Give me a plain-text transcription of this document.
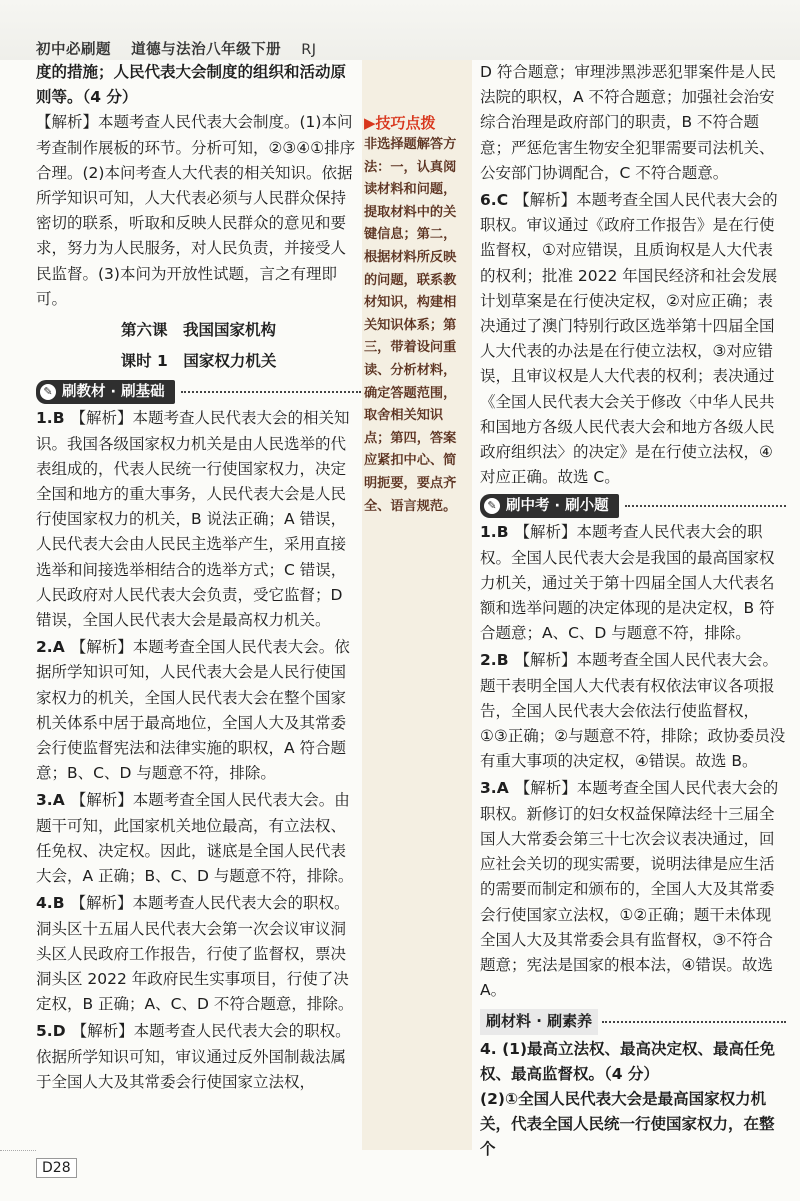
初中必刷题　 道德与法治八年级下册　 RJ

度的措施；人民代表大会制度的组织和活动原则等。（4 分）

【解析】本题考查人民代表大会制度。(1)本问考查制作展板的环节。分析可知，②③④①排序合理。(2)本问考查人大代表的相关知识。依据所学知识可知，人大代表必须与人民群众保持密切的联系，听取和反映人民群众的意见和要求，努力为人民服务，对人民负责，并接受人民监督。(3)本问为开放性试题，言之有理即可。

第六课　我国国家机构

课时 1　国家权力机关

✎ 刷教材 · 刷基础
1.B 【解析】本题考查人民代表大会的相关知识。我国各级国家权力机关是由人民选举的代表组成的，代表人民统一行使国家权力，决定全国和地方的重大事务，人民代表大会是人民行使国家权力的机关，B 说法正确；A 错误，人民代表大会由人民民主选举产生，采用直接选举和间接选举相结合的选举方式；C 错误，人民政府对人民代表大会负责，受它监督；D 错误，全国人民代表大会是最高权力机关。
2.A 【解析】本题考查全国人民代表大会。依据所学知识可知，人民代表大会是人民行使国家权力的机关，全国人民代表大会在整个国家机关体系中居于最高地位，全国人大及其常委会行使监督宪法和法律实施的职权，A 符合题意；B、C、D 与题意不符，排除。
3.A 【解析】本题考查全国人民代表大会。由题干可知，此国家机关地位最高，有立法权、任免权、决定权。因此，谜底是全国人民代表大会，A 正确；B、C、D 与题意不符，排除。
4.B 【解析】本题考查人民代表大会的职权。洞头区十五届人民代表大会第一次会议审议洞头区人民政府工作报告，行使了监督权，票决洞头区 2022 年政府民生实事项目，行使了决定权，B 正确；A、C、D 不符合题意，排除。
5.D 【解析】本题考查人民代表大会的职权。依据所学知识可知，审议通过反外国制裁法属于全国人大及其常委会行使国家立法权，

▶技巧点拨

非选择题解答方法：一，认真阅读材料和问题，提取材料中的关键信息；第二，根据材料所反映的问题，联系教材知识，构建相关知识体系；第三，带着设问重读、分析材料，确定答题范围，取舍相关知识点；第四，答案应紧扣中心、简明扼要，要点齐全、语言规范。

D 符合题意；审理涉黑涉恶犯罪案件是人民法院的职权，A 不符合题意；加强社会治安综合治理是政府部门的职责，B 不符合题意；严惩危害生物安全犯罪需要司法机关、公安部门协调配合，C 不符合题意。

6.C 【解析】本题考查全国人民代表大会的职权。审议通过《政府工作报告》是在行使监督权，①对应错误，且质询权是人大代表的权利；批准 2022 年国民经济和社会发展计划草案是在行使决定权，②对应正确；表决通过了澳门特别行政区选举第十四届全国人大代表的办法是在行使立法权，③对应错误，且审议权是人大代表的权利；表决通过《全国人民代表大会关于修改〈中华人民共和国地方各级人民代表大会和地方各级人民政府组织法〉的决定》是在行使立法权，④对应正确。故选 C。
✎ 刷中考 · 刷小题
1.B 【解析】本题考查人民代表大会的职权。全国人民代表大会是我国的最高国家权力机关，通过关于第十四届全国人大代表名额和选举问题的决定体现的是决定权，B 符合题意；A、C、D 与题意不符，排除。
2.B 【解析】本题考查全国人民代表大会。题干表明全国人大代表有权依法审议各项报告，全国人民代表大会依法行使监督权，①③正确；②与题意不符，排除；政协委员没有重大事项的决定权，④错误。故选 B。
3.A 【解析】本题考查全国人民代表大会的职权。新修订的妇女权益保障法经十三届全国人大常委会第三十七次会议表决通过，回应社会关切的现实需要，说明法律是应生活的需要而制定和颁布的，全国人大及其常委会行使国家立法权，①②正确；题干未体现全国人大及其常委会具有监督权，③不符合题意；宪法是国家的根本法，④错误。故选 A。
刷材料 · 刷素养
4. (1)最高立法权、最高决定权、最高任免权、最高监督权。（4 分）

(2)①全国人民代表大会是最高国家权力机关，代表全国人民统一行使国家权力，在整个

D28
